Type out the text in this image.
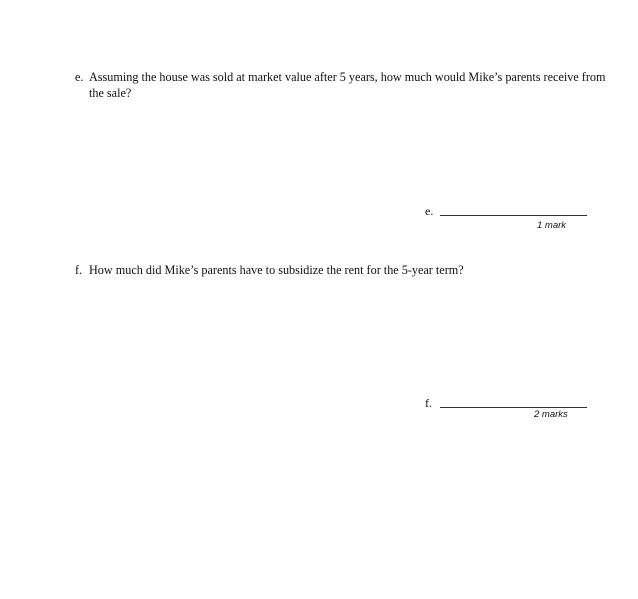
e. Assuming the house was sold at market value after 5 years, how much would Mike’s parents receive from the sale?
e.
1 mark
f. How much did Mike’s parents have to subsidize the rent for the 5-year term?
f.
2 marks
